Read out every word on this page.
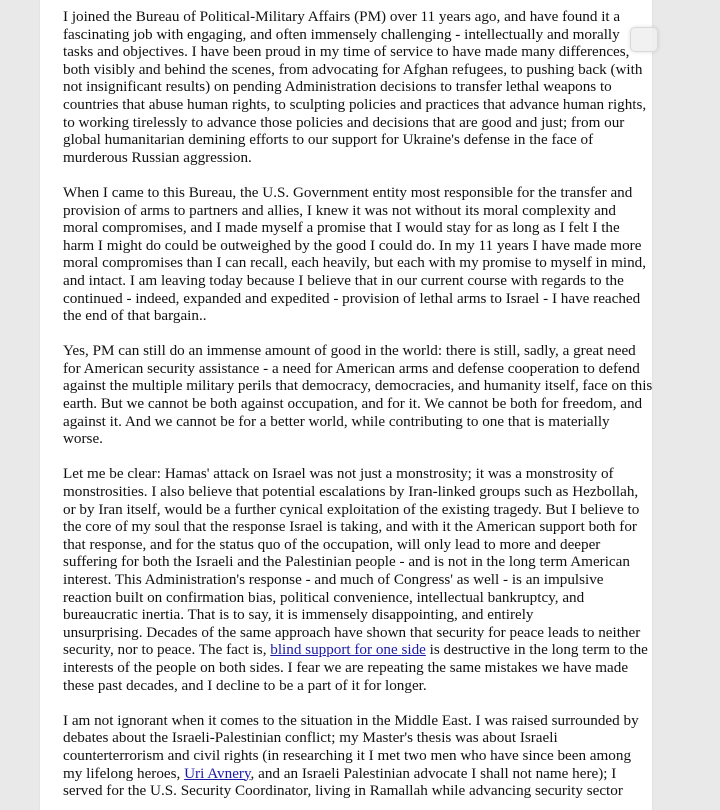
I joined the Bureau of Political-Military Affairs (PM) over 11 years ago, and have found it a
fascinating job with engaging, and often immensely challenging - intellectually and morally
tasks and objectives. I have been proud in my time of service to have made many differences,
both visibly and behind the scenes, from advocating for Afghan refugees, to pushing back (with
not insignificant results) on pending Administration decisions to transfer lethal weapons to
countries that abuse human rights, to sculpting policies and practices that advance human rights,
to working tirelessly to advance those policies and decisions that are good and just; from our
global humanitarian demining efforts to our support for Ukraine's defense in the face of
murderous Russian aggression.

When I came to this Bureau, the U.S. Government entity most responsible for the transfer and
provision of arms to partners and allies, I knew it was not without its moral complexity and
moral compromises, and I made myself a promise that I would stay for as long as I felt I the
harm I might do could be outweighed by the good I could do. In my 11 years I have made more
moral compromises than I can recall, each heavily, but each with my promise to myself in mind,
and intact. I am leaving today because I believe that in our current course with regards to the
continued - indeed, expanded and expedited - provision of lethal arms to Israel - I have reached
the end of that bargain..

Yes, PM can still do an immense amount of good in the world: there is still, sadly, a great need
for American security assistance - a need for American arms and defense cooperation to defend
against the multiple military perils that democracy, democracies, and humanity itself, face on this
earth. But we cannot be both against occupation, and for it. We cannot be both for freedom, and
against it. And we cannot be for a better world, while contributing to one that is materially
worse.

Let me be clear: Hamas' attack on Israel was not just a monstrosity; it was a monstrosity of
monstrosities. I also believe that potential escalations by Iran-linked groups such as Hezbollah,
or by Iran itself, would be a further cynical exploitation of the existing tragedy. But I believe to
the core of my soul that the response Israel is taking, and with it the American support both for
that response, and for the status quo of the occupation, will only lead to more and deeper
suffering for both the Israeli and the Palestinian people - and is not in the long term American
interest. This Administration's response - and much of Congress' as well - is an impulsive
reaction built on confirmation bias, political convenience, intellectual bankruptcy, and
bureaucratic inertia. That is to say, it is immensely disappointing, and entirely
unsurprising. Decades of the same approach have shown that security for peace leads to neither
security, nor to peace. The fact is, blind support for one side is destructive in the long term to the
interests of the people on both sides. I fear we are repeating the same mistakes we have made
these past decades, and I decline to be a part of it for longer.

I am not ignorant when it comes to the situation in the Middle East. I was raised surrounded by
debates about the Israeli-Palestinian conflict; my Master's thesis was about Israeli
counterterrorism and civil rights (in researching it I met two men who have since been among
my lifelong heroes, Uri Avnery, and an Israeli Palestinian advocate I shall not name here); I
served for the U.S. Security Coordinator, living in Ramallah while advancing security sector
